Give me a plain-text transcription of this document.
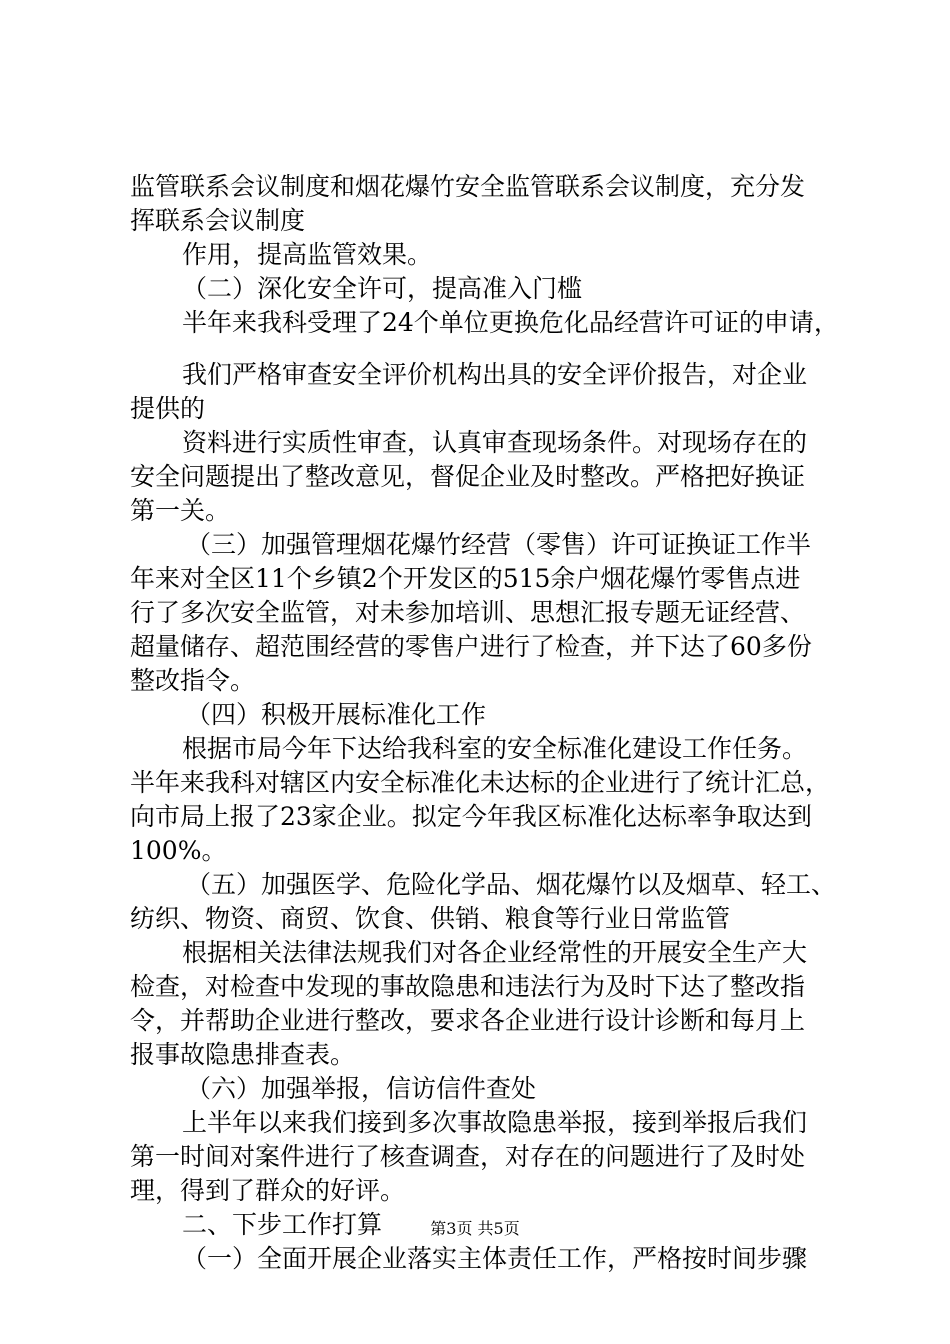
监管联系会议制度和烟花爆竹安全监管联系会议制度，充分发

挥联系会议制度

作用，提高监管效果。

（二）深化安全许可，提高准入门槛

半年来我科受理了24个单位更换危化品经营许可证的申请，

我们严格审查安全评价机构出具的安全评价报告，对企业

提供的

资料进行实质性审查，认真审查现场条件。对现场存在的

安全问题提出了整改意见，督促企业及时整改。严格把好换证

第一关。

（三）加强管理烟花爆竹经营（零售）许可证换证工作半

年来对全区11个乡镇2个开发区的515余户烟花爆竹零售点进

行了多次安全监管，对未参加培训、思想汇报专题无证经营、

超量储存、超范围经营的零售户进行了检查，并下达了60多份

整改指令。

（四）积极开展标准化工作

根据市局今年下达给我科室的安全标准化建设工作任务。

半年来我科对辖区内安全标准化未达标的企业进行了统计汇总，

向市局上报了23家企业。拟定今年我区标准化达标率争取达到

100%。

（五）加强医学、危险化学品、烟花爆竹以及烟草、轻工、

纺织、物资、商贸、饮食、供销、粮食等行业日常监管

根据相关法律法规我们对各企业经常性的开展安全生产大

检查，对检查中发现的事故隐患和违法行为及时下达了整改指

令，并帮助企业进行整改，要求各企业进行设计诊断和每月上

报事故隐患排查表。

（六）加强举报，信访信件查处

上半年以来我们接到多次事故隐患举报，接到举报后我们

第一时间对案件进行了核查调查，对存在的问题进行了及时处

理，得到了群众的好评。

二、下步工作打算

（一）全面开展企业落实主体责任工作，严格按时间步骤

第3页 共5页
